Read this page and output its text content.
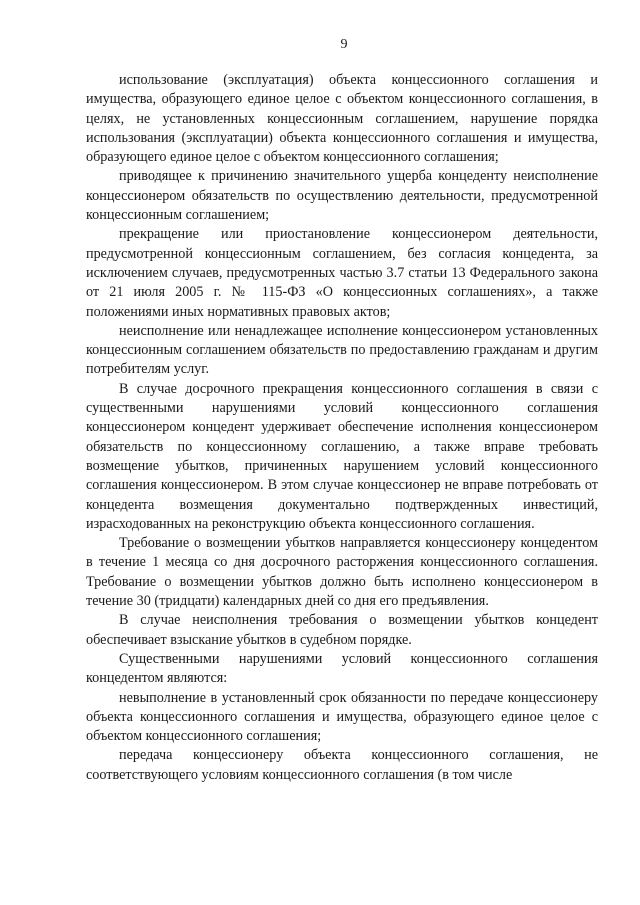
9

использование (эксплуатация) объекта концессионного соглашения и имущества, образующего единое целое с объектом концессионного соглашения, в целях, не установленных концессионным соглашением, нарушение порядка использования (эксплуатации) объекта концессионного соглашения и имущества, образующего единое целое с объектом концессионного соглашения;

приводящее к причинению значительного ущерба концеденту неисполнение концессионером обязательств по осуществлению деятельности, предусмотренной концессионным соглашением;

прекращение или приостановление концессионером деятельности, предусмотренной концессионным соглашением, без согласия концедента, за исключением случаев, предусмотренных частью 3.7 статьи 13 Федерального закона от 21 июля 2005 г. № 115-ФЗ «О концессионных соглашениях», а также положениями иных нормативных правовых актов;

неисполнение или ненадлежащее исполнение концессионером установленных концессионным соглашением обязательств по предоставлению гражданам и другим потребителям услуг.

В случае досрочного прекращения концессионного соглашения в связи с существенными нарушениями условий концессионного соглашения концессионером концедент удерживает обеспечение исполнения концессионером обязательств по концессионному соглашению, а также вправе требовать возмещение убытков, причиненных нарушением условий концессионного соглашения концессионером. В этом случае концессионер не вправе потребовать от концедента возмещения документально подтвержденных инвестиций, израсходованных на реконструкцию объекта концессионного соглашения.

Требование о возмещении убытков направляется концессионеру концедентом в течение 1 месяца со дня досрочного расторжения концессионного соглашения. Требование о возмещении убытков должно быть исполнено концессионером в течение 30 (тридцати) календарных дней со дня его предъявления.

В случае неисполнения требования о возмещении убытков концедент обеспечивает взыскание убытков в судебном порядке.

Существенными нарушениями условий концессионного соглашения концедентом являются:

невыполнение в установленный срок обязанности по передаче концессионеру объекта концессионного соглашения и имущества, образующего единое целое с объектом концессионного соглашения;

передача концессионеру объекта концессионного соглашения, не соответствующего условиям концессионного соглашения (в том числе
